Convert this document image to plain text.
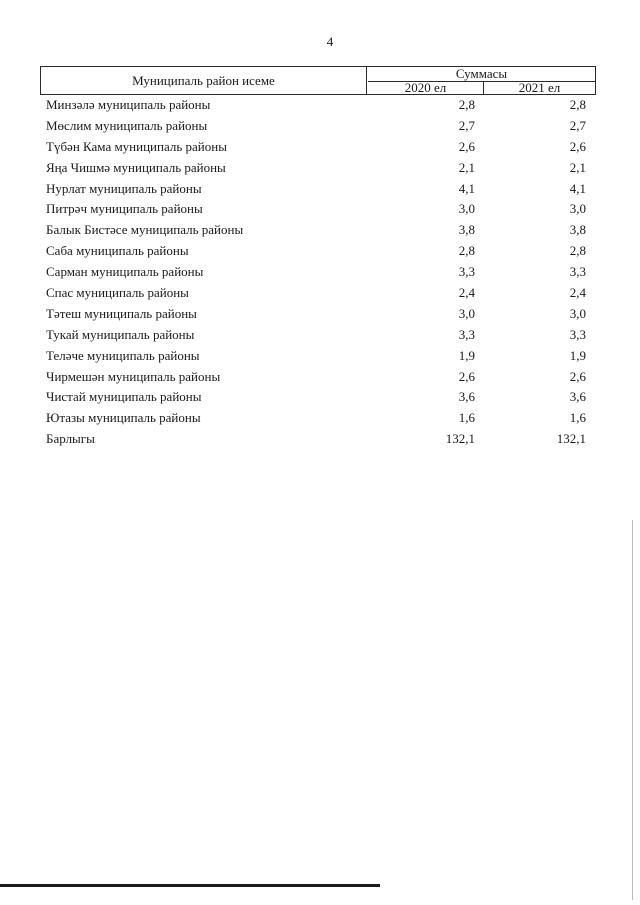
4
Муниципаль район исеме	Суммасы
2020 ел	2021 ел
Минзәлә муниципаль районы	2,8	2,8
Мөслим муниципаль районы	2,7	2,7
Түбән Кама муниципаль районы	2,6	2,6
Яңа Чишмә муниципаль районы	2,1	2,1
Нурлат муниципаль районы	4,1	4,1
Питрәч муниципаль районы	3,0	3,0
Балык Бистәсе муниципаль районы	3,8	3,8
Саба муниципаль районы	2,8	2,8
Сарман муниципаль районы	3,3	3,3
Спас муниципаль районы	2,4	2,4
Тәтеш муниципаль районы	3,0	3,0
Тукай муниципаль районы	3,3	3,3
Теләче муниципаль районы	1,9	1,9
Чирмешән муниципаль районы	2,6	2,6
Чистай муниципаль районы	3,6	3,6
Ютазы муниципаль районы	1,6	1,6
Барлыгы	132,1	132,1
